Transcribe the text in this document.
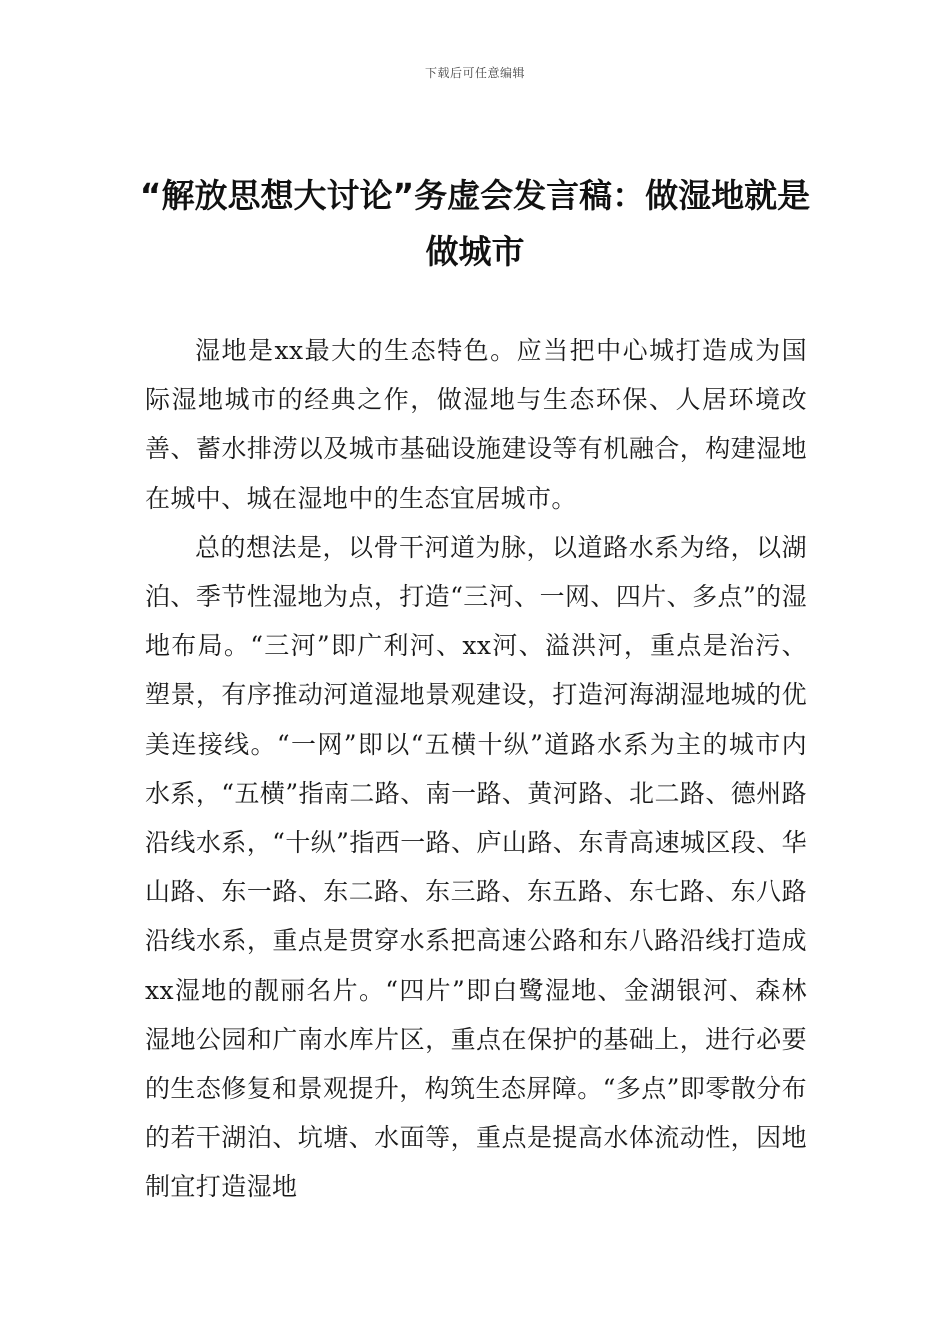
下载后可任意编辑
“解放思想大讨论”务虚会发言稿：做湿地就是做城市

湿地是xx最大的生态特色。应当把中心城打造成为国际湿地城市的经典之作，做湿地与生态环保、人居环境改善、蓄水排涝以及城市基础设施建设等有机融合，构建湿地在城中、城在湿地中的生态宜居城市。

总的想法是，以骨干河道为脉，以道路水系为络，以湖泊、季节性湿地为点，打造“三河、一网、四片、多点”的湿地布局。“三河”即广利河、xx河、溢洪河，重点是治污、塑景，有序推动河道湿地景观建设，打造河海湖湿地城的优美连接线。“一网”即以“五横十纵”道路水系为主的城市内水系，“五横”指南二路、南一路、黄河路、北二路、德州路沿线水系，“十纵”指西一路、庐山路、东青高速城区段、华山路、东一路、东二路、东三路、东五路、东七路、东八路沿线水系，重点是贯穿水系把高速公路和东八路沿线打造成xx湿地的靓丽名片。“四片”即白鹭湿地、金湖银河、森林湿地公园和广南水库片区，重点在保护的基础上，进行必要的生态修复和景观提升，构筑生态屏障。“多点”即零散分布的若干湖泊、坑塘、水面等，重点是提高水体流动性，因地制宜打造湿地
